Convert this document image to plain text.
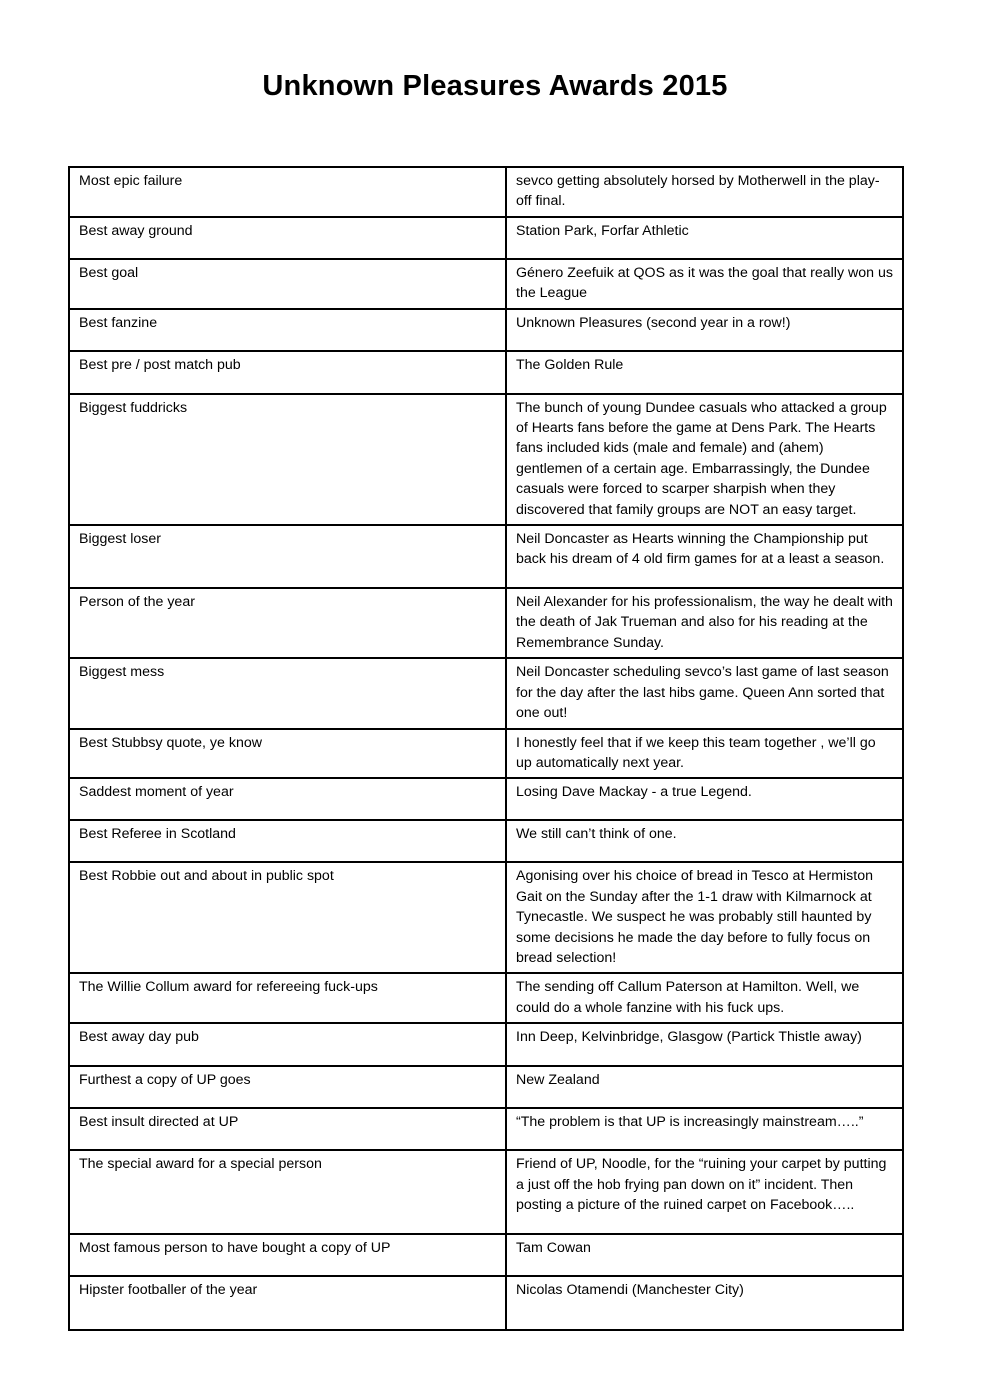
Unknown Pleasures Awards 2015
Most epic failure	sevco getting absolutely horsed by Motherwell in the play-off final.
Best away ground	Station Park, Forfar Athletic
Best goal	Género Zeefuik at QOS as it was the goal that really won us the League
Best fanzine	Unknown Pleasures (second year in a row!)
Best pre / post match pub	The Golden Rule
Biggest fuddricks	The bunch of young Dundee casuals who attacked a group of Hearts fans before the game at Dens Park. The Hearts fans included kids (male and female) and (ahem) gentlemen of a certain age. Embarrassingly, the Dundee casuals were forced to scarper sharpish when they discovered that family groups are NOT an easy target.
Biggest loser	Neil Doncaster as Hearts winning the Championship put back his dream of 4 old firm games for at a least a season.
Person of the year	Neil Alexander for his professionalism, the way he dealt with the death of Jak Trueman and also for his reading at the Remembrance Sunday.
Biggest mess	Neil Doncaster scheduling sevco’s last game of last season for the day after the last hibs game. Queen Ann sorted that one out!
Best Stubbsy quote, ye know	I honestly feel that if we keep this team together , we’ll go up automatically next year.
Saddest moment of year	Losing Dave Mackay - a true Legend.
Best Referee in Scotland	We still can’t think of one.
Best Robbie out and about in public spot	Agonising over his choice of bread in Tesco at Hermiston Gait on the Sunday after the 1-1 draw with Kilmarnock at Tynecastle. We suspect he was probably still haunted by some decisions he made the day before to fully focus on bread selection!
The Willie Collum award for refereeing fuck-ups	The sending off Callum Paterson at Hamilton. Well, we could do a whole fanzine with his fuck ups.
Best away day pub	Inn Deep, Kelvinbridge, Glasgow (Partick Thistle away)
Furthest a copy of UP goes	New Zealand
Best insult directed at UP	“The problem is that UP is increasingly mainstream…..”
The special award for a special person	Friend of UP, Noodle, for the “ruining your carpet by putting a just off the hob frying pan down on it” incident. Then posting a picture of the ruined carpet on Facebook…..
Most famous person to have bought a copy of UP	Tam Cowan
Hipster footballer of the year	Nicolas Otamendi (Manchester City)
